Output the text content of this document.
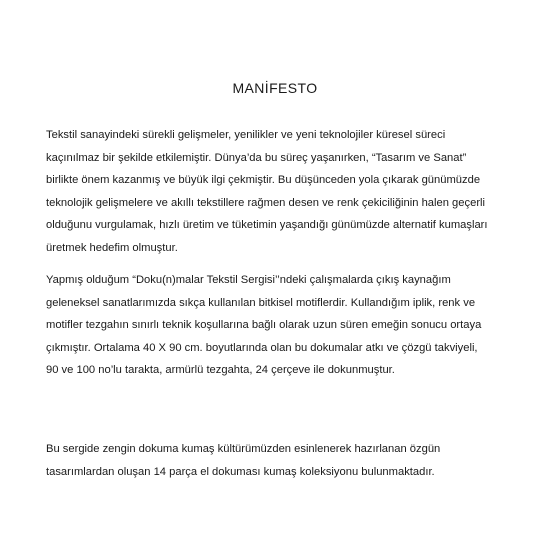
MANİFESTO

Tekstil sanayindeki sürekli gelişmeler, yenilikler ve yeni teknolojiler küresel süreci
kaçınılmaz bir şekilde etkilemiştir. Dünya’da bu süreç yaşanırken, “Tasarım ve Sanat”
birlikte önem kazanmış ve büyük ilgi çekmiştir. Bu düşünceden yola çıkarak günümüzde
teknolojik gelişmelere ve akıllı tekstillere rağmen desen ve renk çekiciliğinin halen geçerli
olduğunu vurgulamak, hızlı üretim ve tüketimin yaşandığı günümüzde alternatif kumaşları
üretmek hedefim olmuştur.

Yapmış olduğum “Doku(n)malar Tekstil Sergisi’’ndeki çalışmalarda çıkış kaynağım
geleneksel sanatlarımızda sıkça kullanılan bitkisel motiflerdir. Kullandığım iplik, renk ve
motifler tezgahın sınırlı teknik koşullarına bağlı olarak uzun süren emeğin sonucu ortaya
çıkmıştır. Ortalama 40 X 90 cm. boyutlarında olan bu dokumalar atkı ve çözgü takviyeli,
90 ve 100 no’lu tarakta, armürlü tezgahta, 24 çerçeve ile dokunmuştur.

Bu sergide zengin dokuma kumaş kültürümüzden esinlenerek hazırlanan özgün
tasarımlardan oluşan 14 parça el dokuması kumaş koleksiyonu bulunmaktadır.
